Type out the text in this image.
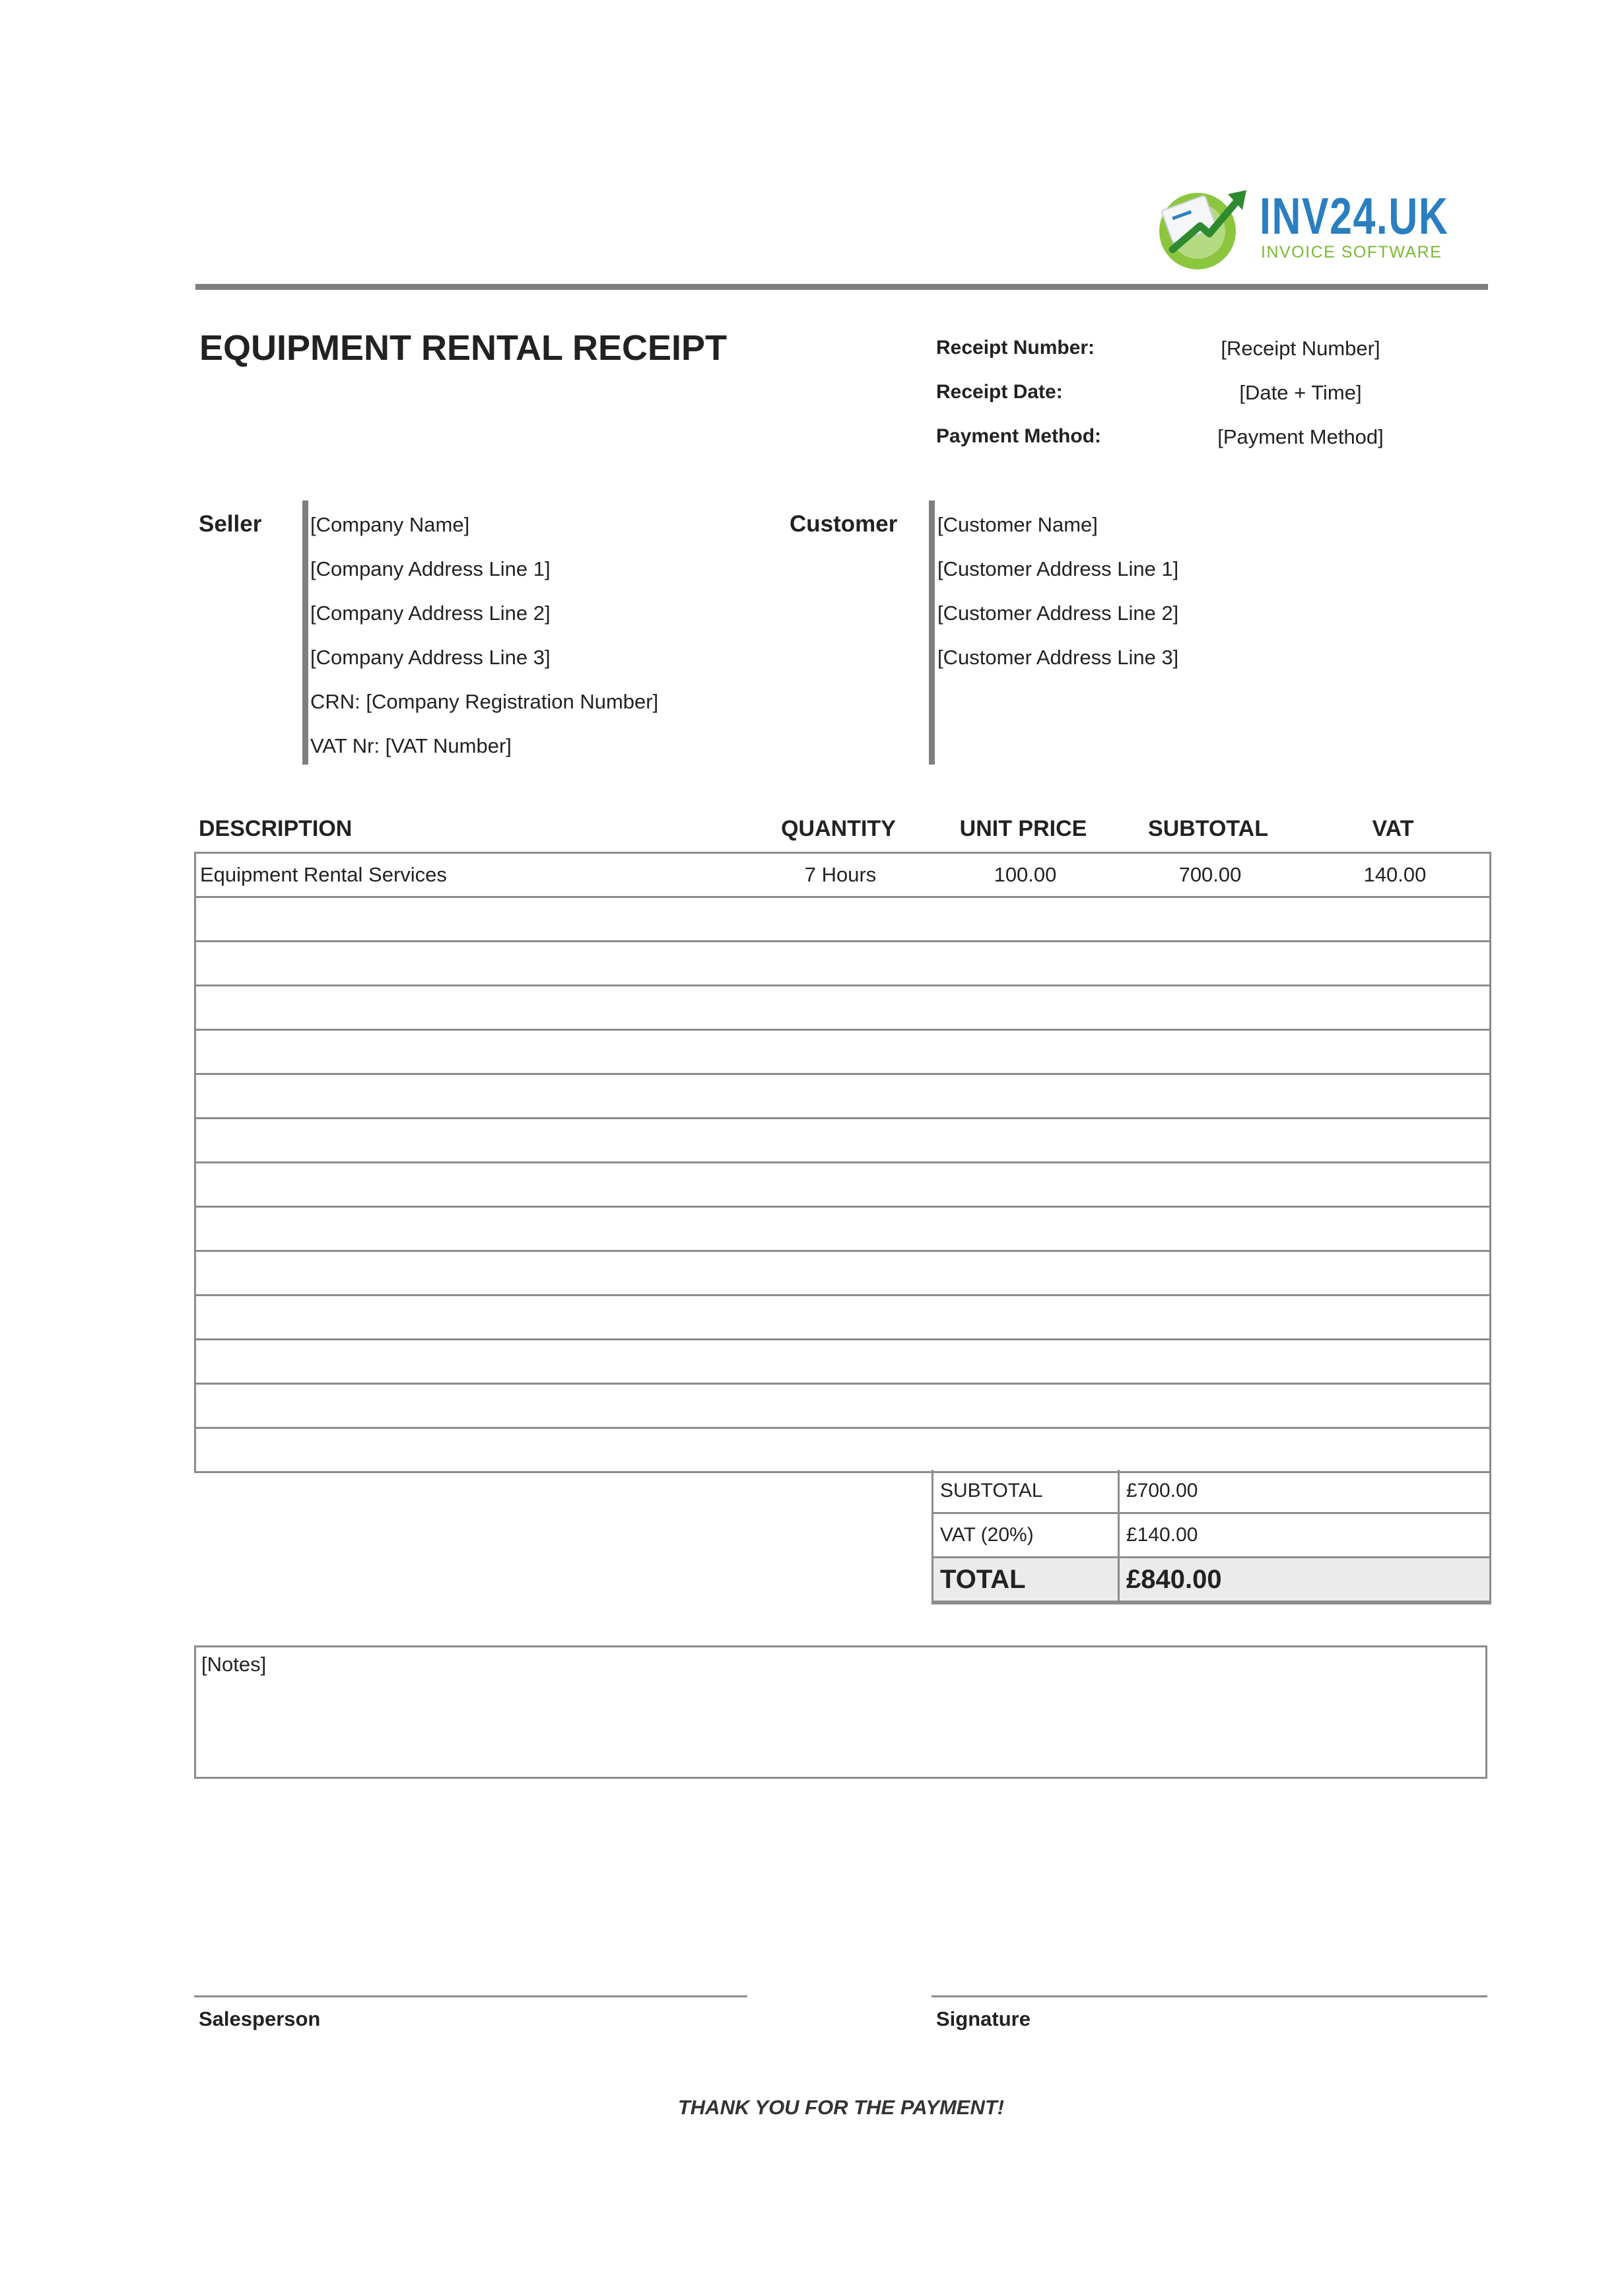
INV24.UK
INVOICE SOFTWARE
EQUIPMENT RENTAL RECEIPT	Receipt Number:	[Receipt Number]
Receipt Date:	[Date + Time]
Payment Method:	[Payment Method]
Seller [Company Name]
[Company Address Line 1]
[Company Address Line 2]
[Company Address Line 3]
CRN: [Company Registration Number]
VAT Nr: [VAT Number]
Customer [Customer Name]
[Customer Address Line 1]
[Customer Address Line 2]
[Customer Address Line 3]
DESCRIPTION	QUANTITY	UNIT PRICE	SUBTOTAL	VAT
Equipment Rental Services	7 Hours	100.00	700.00	140.00
SUBTOTAL	£700.00
VAT (20%)	£140.00
TOTAL	£840.00
[Notes]
Salesperson	Signature
THANK YOU FOR THE PAYMENT!
